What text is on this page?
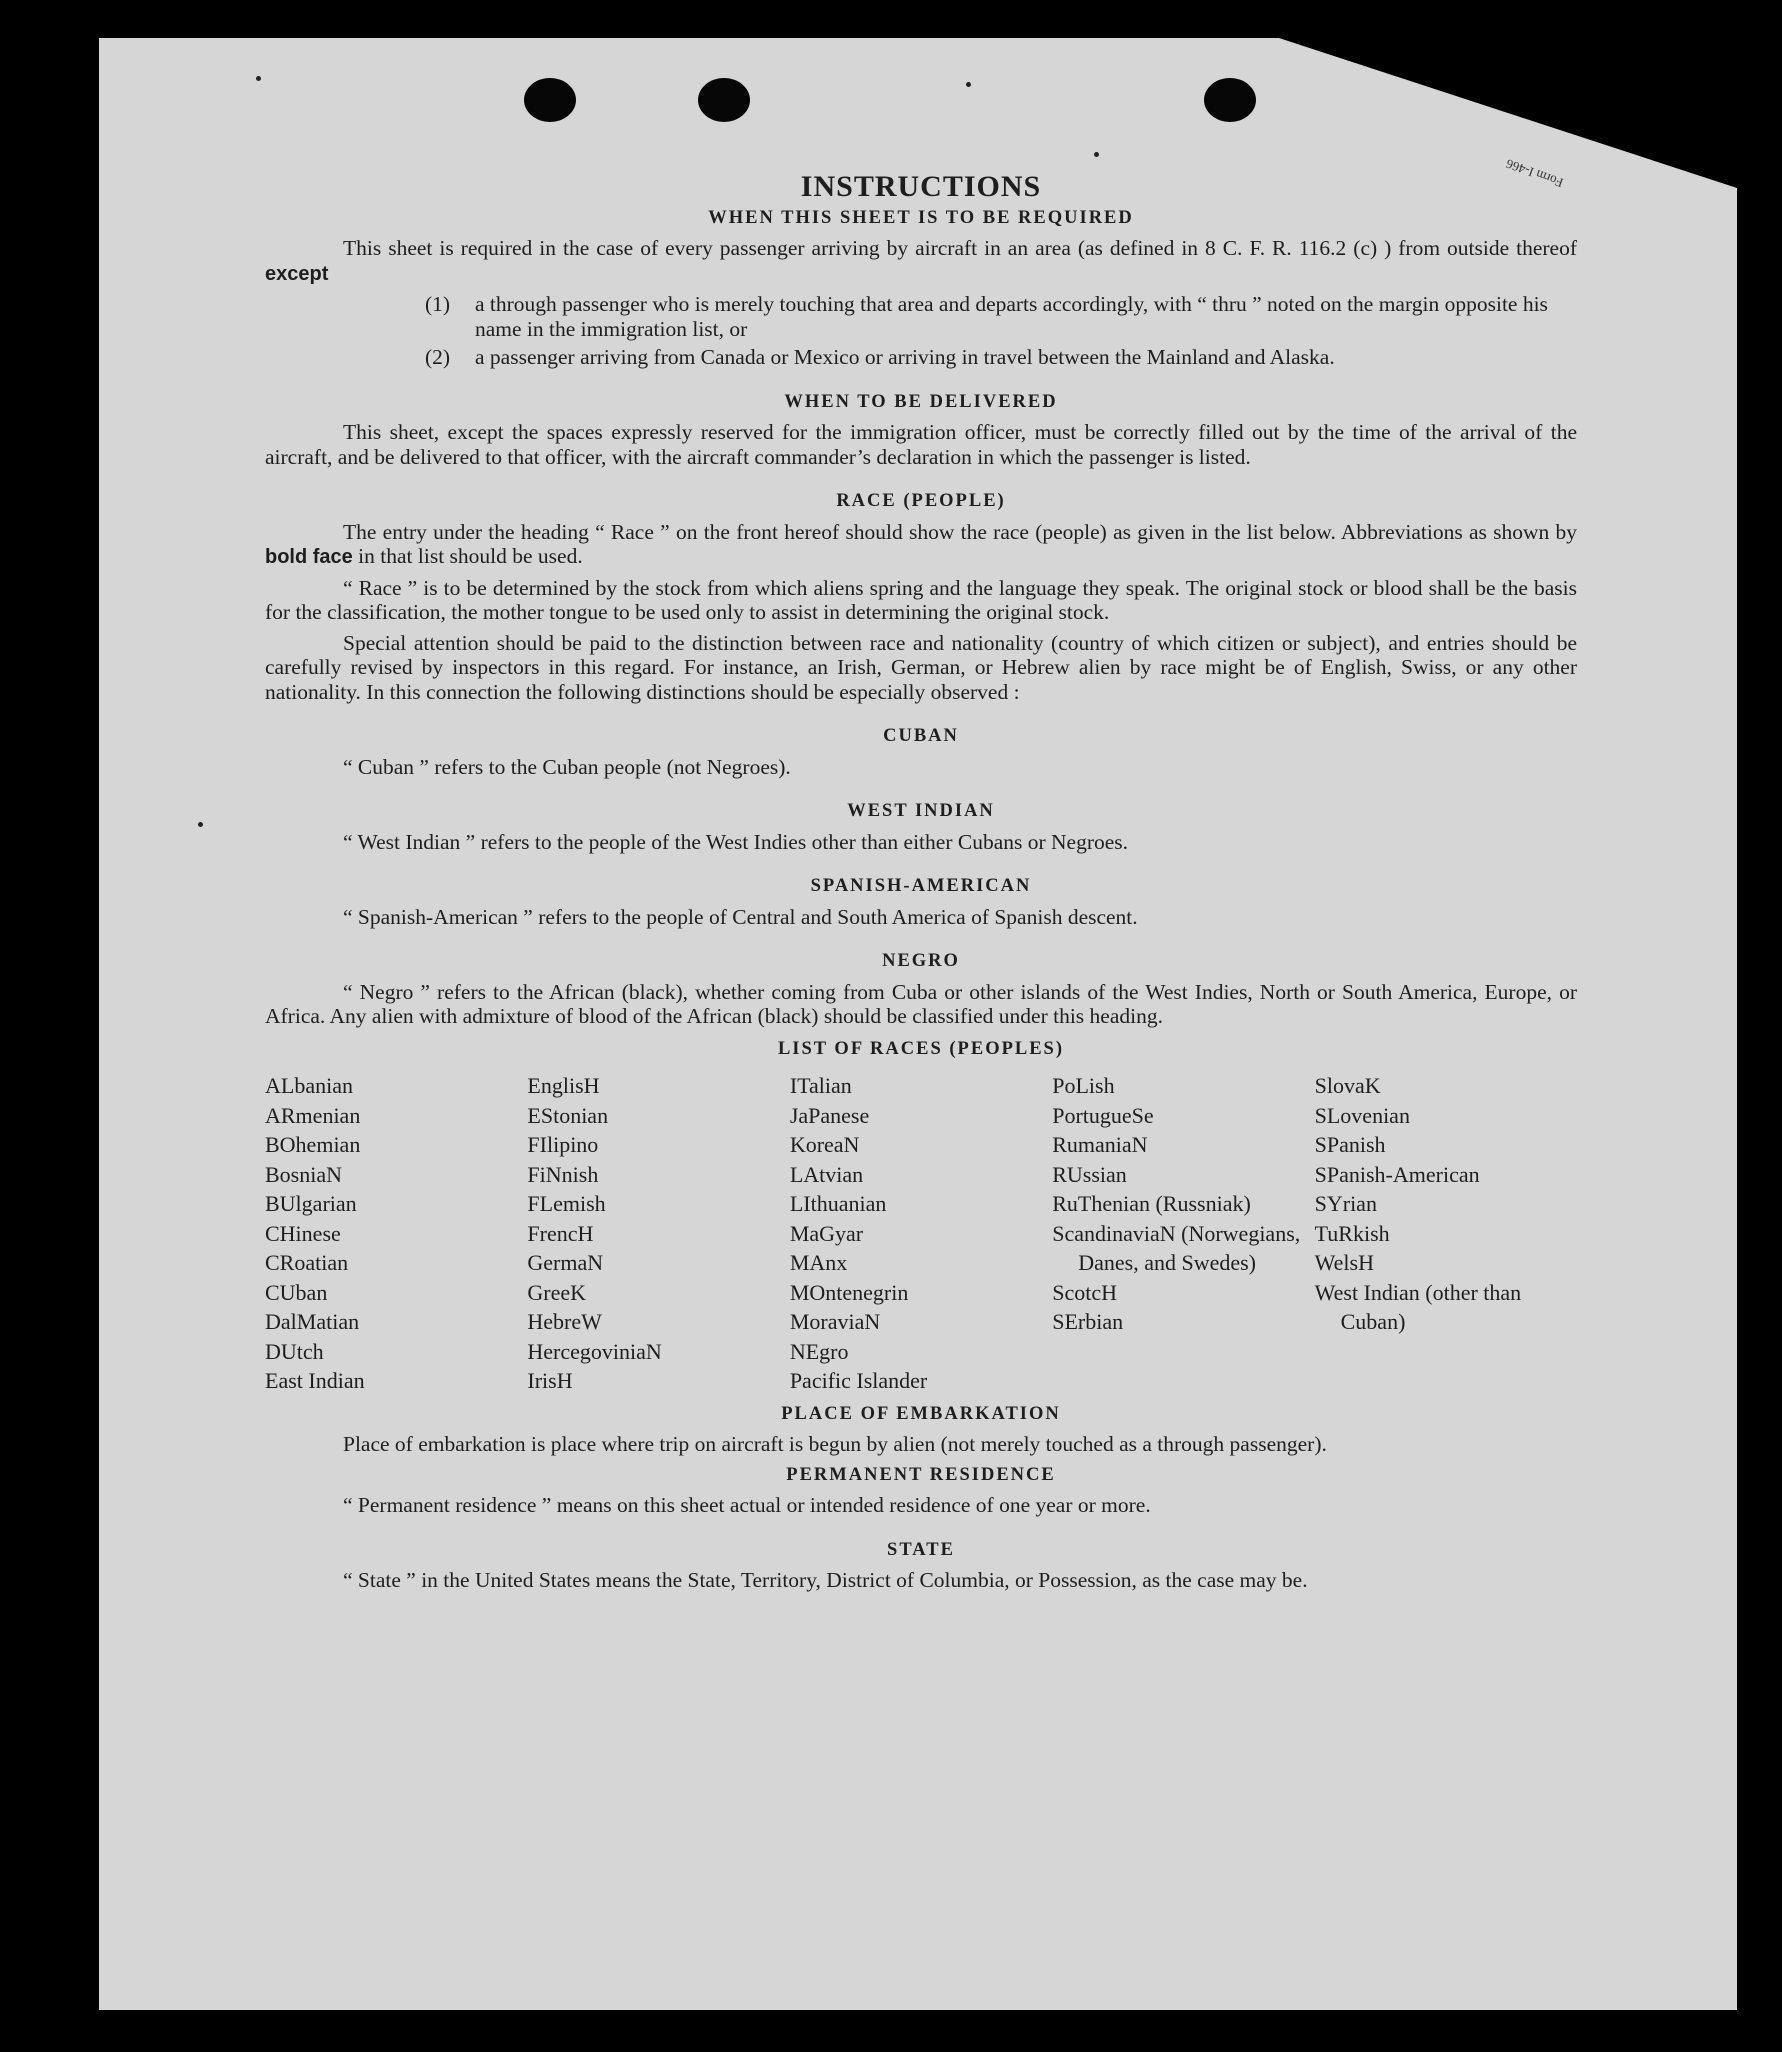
Form I-466
INSTRUCTIONS
WHEN THIS SHEET IS TO BE REQUIRED

This sheet is required in the case of every passenger arriving by aircraft in an area (as defined in 8 C. F. R. 116.2 (c) ) from outside thereof except

(1)	a through passenger who is merely touching that area and departs accordingly, with “ thru ” noted on the margin opposite his name in the immigration list, or
(2)	a passenger arriving from Canada or Mexico or arriving in travel between the Mainland and Alaska.
WHEN TO BE DELIVERED

This sheet, except the spaces expressly reserved for the immigration officer, must be correctly filled out by the time of the arrival of the aircraft, and be delivered to that officer, with the aircraft commander’s declaration in which the passenger is listed.

RACE (PEOPLE)

The entry under the heading “ Race ” on the front hereof should show the race (people) as given in the list below. Abbreviations as shown by bold face in that list should be used.

“ Race ” is to be determined by the stock from which aliens spring and the language they speak. The original stock or blood shall be the basis for the classification, the mother tongue to be used only to assist in determining the original stock.

Special attention should be paid to the distinction between race and nationality (country of which citizen or subject), and entries should be carefully revised by inspectors in this regard. For instance, an Irish, German, or Hebrew alien by race might be of English, Swiss, or any other nationality. In this connection the following distinctions should be especially observed :

CUBAN

“ Cuban ” refers to the Cuban people (not Negroes).

WEST INDIAN

“ West Indian ” refers to the people of the West Indies other than either Cubans or Negroes.

SPANISH-AMERICAN

“ Spanish-American ” refers to the people of Central and South America of Spanish descent.

NEGRO

“ Negro ” refers to the African (black), whether coming from Cuba or other islands of the West Indies, North or South America, Europe, or Africa. Any alien with admixture of blood of the African (black) should be classified under this heading.

LIST OF RACES (PEOPLES)
ALbanian
ARmenian
BOhemian
BosniaN
BUlgarian
CHinese
CRoatian
CUban
DalMatian
DUtch
East Indian
EnglisH
EStonian
FIlipino
FiNnish
FLemish
FrencH
GermaN
GreeK
HebreW
HercegoviniaN
IrisH
ITalian
JaPanese
KoreaN
LAtvian
LIthuanian
MaGyar
MAnx
MOntenegrin
MoraviaN
NEgro
Pacific Islander
PoLish
PortugueSe
RumaniaN
RUssian
RuThenian (Russniak)
ScandinaviaN (Norwegians, Danes, and Swedes)
ScotcH
SErbian
SlovaK
SLovenian
SPanish
SPanish-American
SYrian
TuRkish
WelsH
West Indian (other than Cuban)
PLACE OF EMBARKATION

Place of embarkation is place where trip on aircraft is begun by alien (not merely touched as a through passenger).

PERMANENT RESIDENCE

“ Permanent residence ” means on this sheet actual or intended residence of one year or more.

STATE

“ State ” in the United States means the State, Territory, District of Columbia, or Possession, as the case may be.
